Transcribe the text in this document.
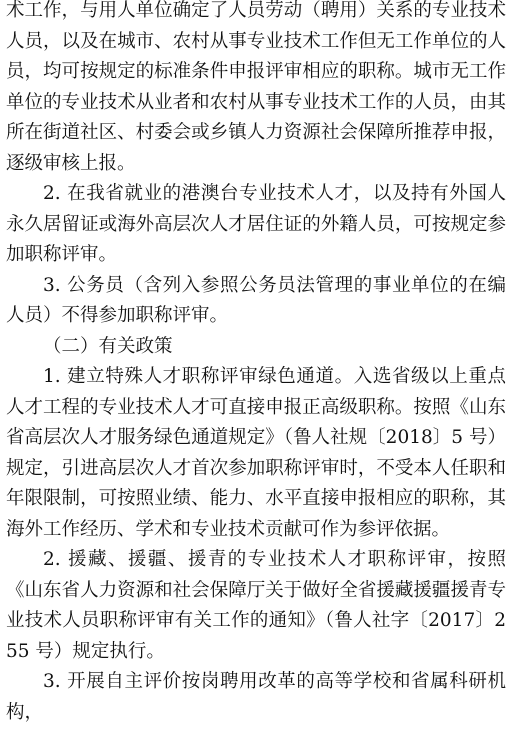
术工作，与用人单位确定了人员劳动（聘用）关系的专业技术人员，以及在城市、农村从事专业技术工作但无工作单位的人员，均可按规定的标准条件申报评审相应的职称。城市无工作单位的专业技术从业者和农村从事专业技术工作的人员，由其所在街道社区、村委会或乡镇人力资源社会保障所推荐申报，逐级审核上报。

2. 在我省就业的港澳台专业技术人才，以及持有外国人永久居留证或海外高层次人才居住证的外籍人员，可按规定参加职称评审。

3. 公务员（含列入参照公务员法管理的事业单位的在编人员）不得参加职称评审。

（二）有关政策

1. 建立特殊人才职称评审绿色通道。入选省级以上重点人才工程的专业技术人才可直接申报正高级职称。按照《山东省高层次人才服务绿色通道规定》（鲁人社规〔2018〕5 号）规定，引进高层次人才首次参加职称评审时，不受本人任职和年限限制，可按照业绩、能力、水平直接申报相应的职称，其海外工作经历、学术和专业技术贡献可作为参评依据。

2. 援藏、援疆、援青的专业技术人才职称评审，按照《山东省人力资源和社会保障厅关于做好全省援藏援疆援青专业技术人员职称评审有关工作的通知》（鲁人社字〔2017〕255 号）规定执行。

3. 开展自主评价按岗聘用改革的高等学校和省属科研机构，
